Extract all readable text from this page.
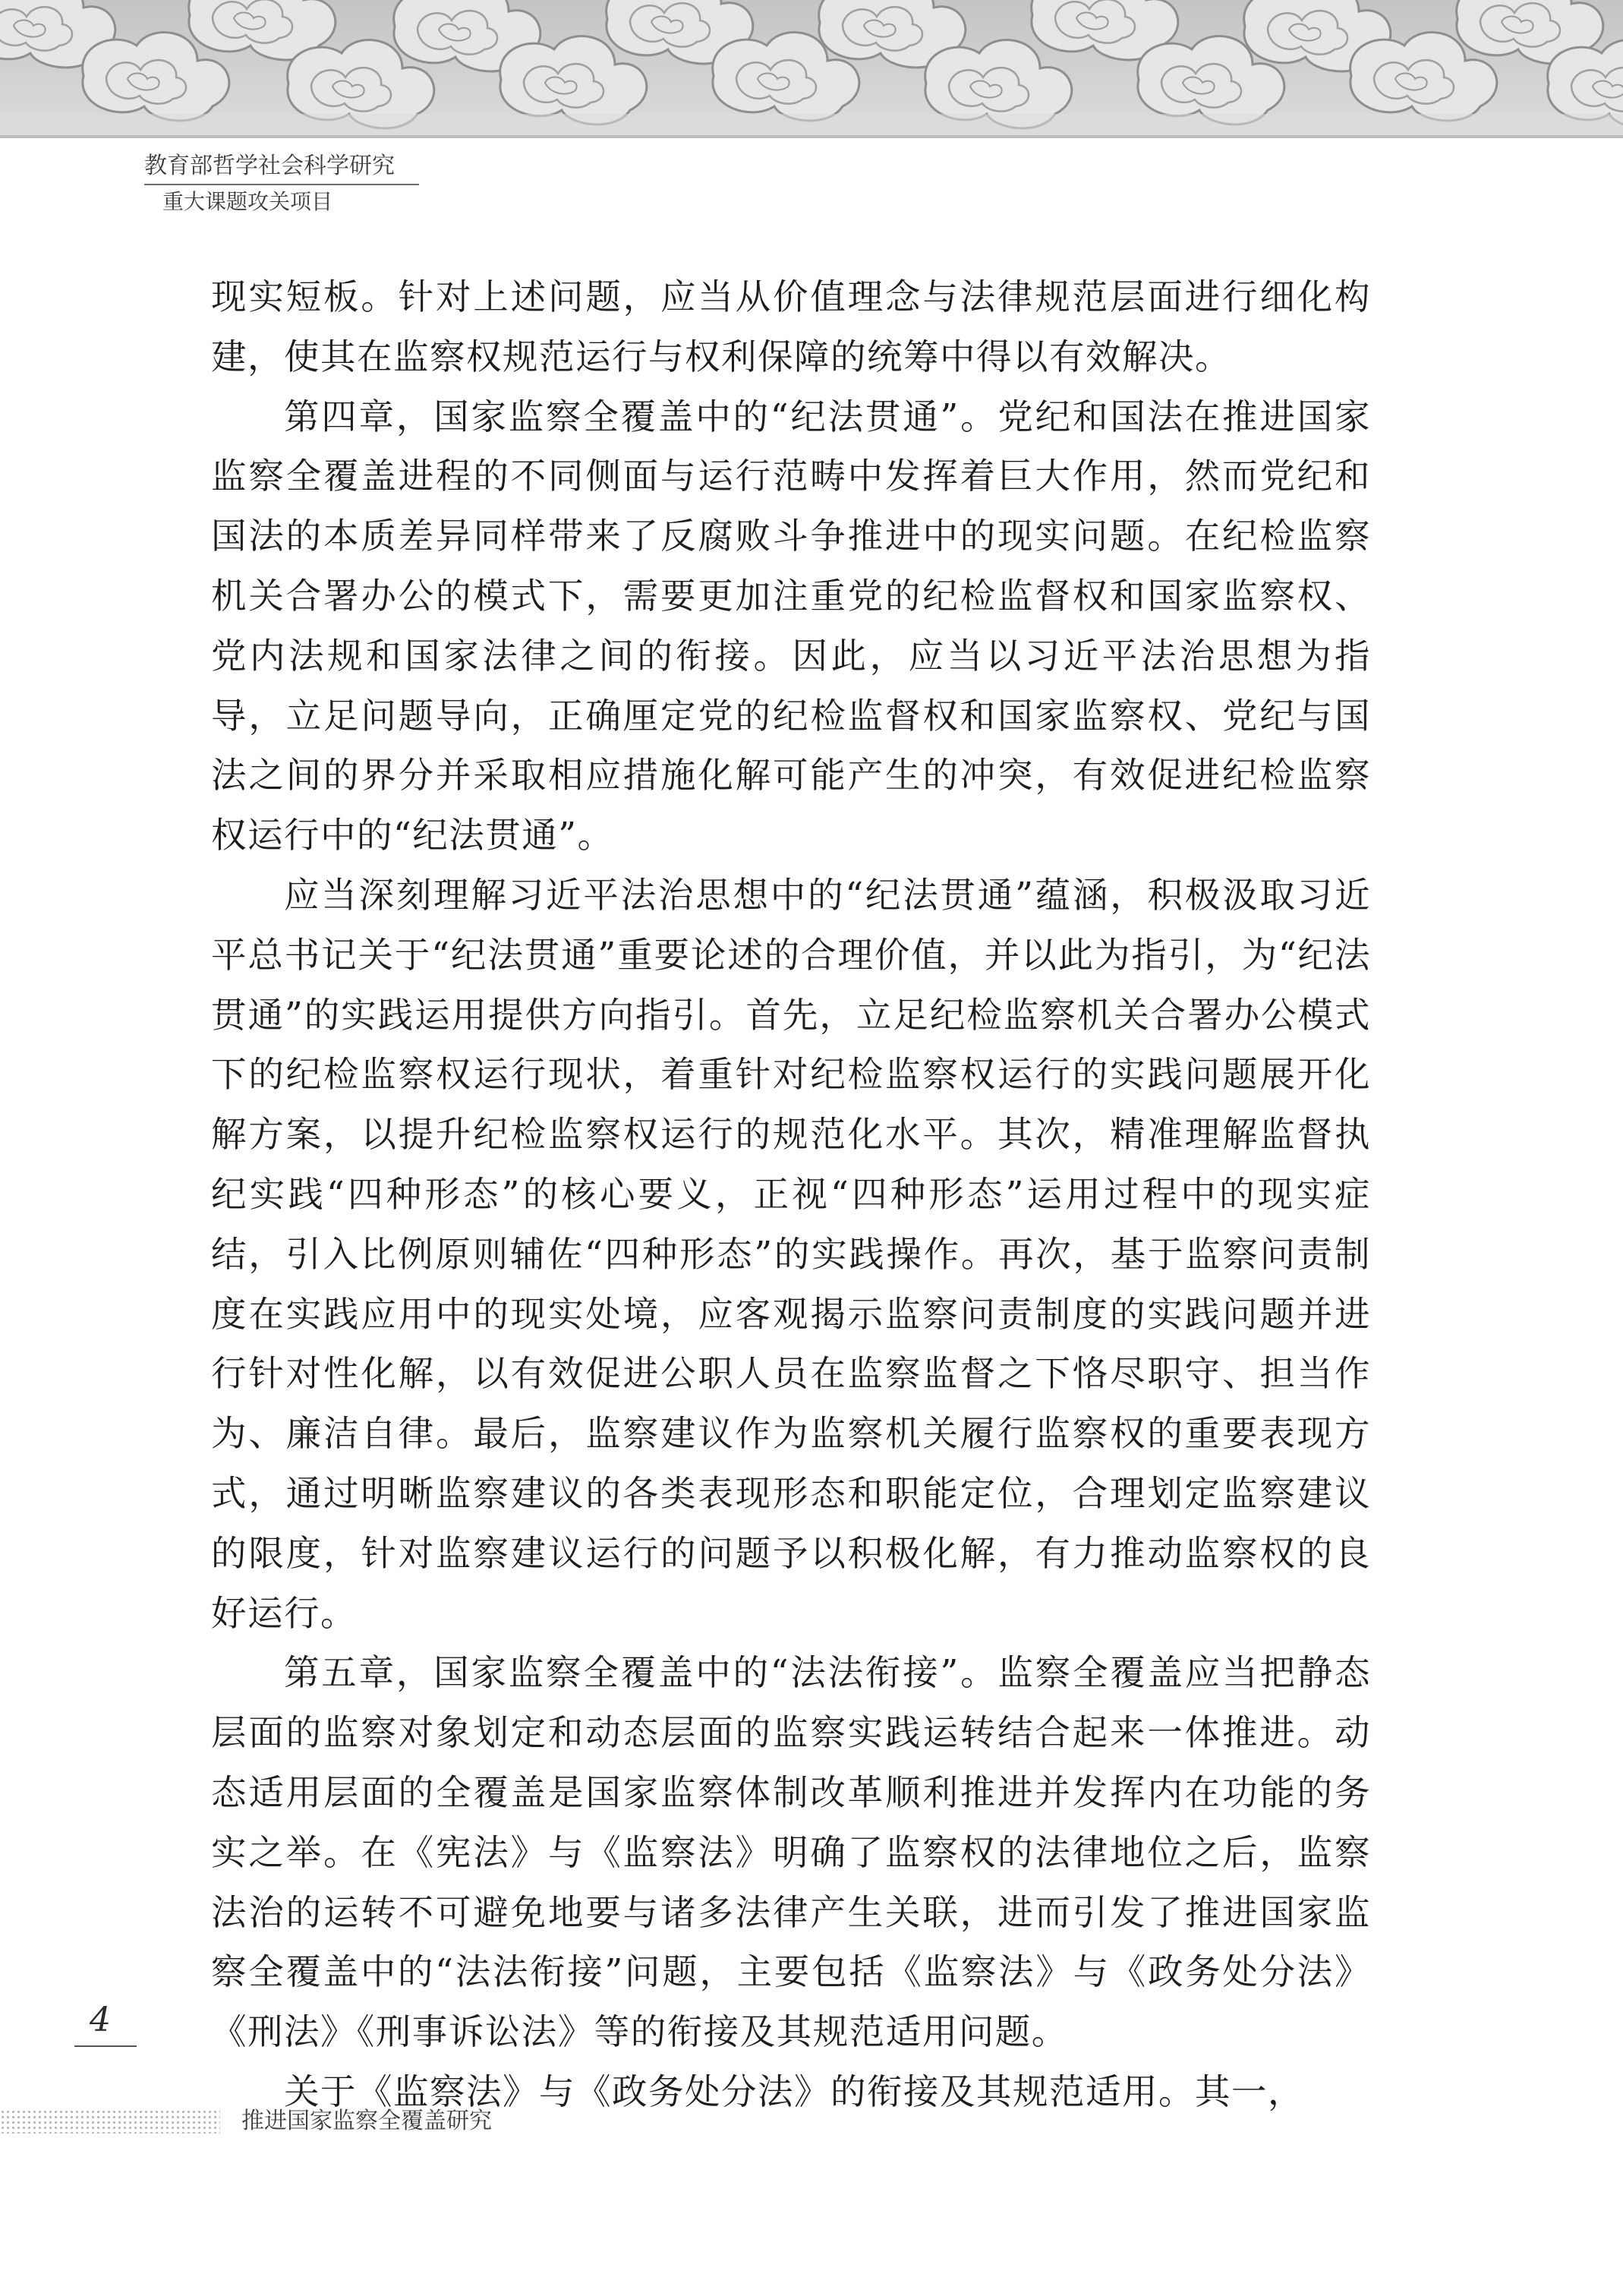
教育部哲学社会科学研究
重大课题攻关项目

现实短板。针对上述问题，应当从价值理念与法律规范层面进行细化构建，使其在监察权规范运行与权利保障的统筹中得以有效解决。

第四章，国家监察全覆盖中的“纪法贯通”。党纪和国法在推进国家监察全覆盖进程的不同侧面与运行范畴中发挥着巨大作用，然而党纪和国法的本质差异同样带来了反腐败斗争推进中的现实问题。在纪检监察机关合署办公的模式下，需要更加注重党的纪检监督权和国家监察权、党内法规和国家法律之间的衔接。因此，应当以习近平法治思想为指导，立足问题导向，正确厘定党的纪检监督权和国家监察权、党纪与国法之间的界分并采取相应措施化解可能产生的冲突，有效促进纪检监察权运行中的“纪法贯通”。

应当深刻理解习近平法治思想中的“纪法贯通”蕴涵，积极汲取习近平总书记关于“纪法贯通”重要论述的合理价值，并以此为指引，为“纪法贯通”的实践运用提供方向指引。首先，立足纪检监察机关合署办公模式下的纪检监察权运行现状，着重针对纪检监察权运行的实践问题展开化解方案，以提升纪检监察权运行的规范化水平。其次，精准理解监督执纪实践“四种形态”的核心要义，正视“四种形态”运用过程中的现实症结，引入比例原则辅佐“四种形态”的实践操作。再次，基于监察问责制度在实践应用中的现实处境，应客观揭示监察问责制度的实践问题并进行针对性化解，以有效促进公职人员在监察监督之下恪尽职守、担当作为、廉洁自律。最后，监察建议作为监察机关履行监察权的重要表现方式，通过明晰监察建议的各类表现形态和职能定位，合理划定监察建议的限度，针对监察建议运行的问题予以积极化解，有力推动监察权的良好运行。

第五章，国家监察全覆盖中的“法法衔接”。监察全覆盖应当把静态层面的监察对象划定和动态层面的监察实践运转结合起来一体推进。动态适用层面的全覆盖是国家监察体制改革顺利推进并发挥内在功能的务实之举。在《宪法》与《监察法》明确了监察权的法律地位之后，监察法治的运转不可避免地要与诸多法律产生关联，进而引发了推进国家监察全覆盖中的“法法衔接”问题，主要包括《监察法》与《政务处分法》《刑法》《刑事诉讼法》等的衔接及其规范适用问题。

关于《监察法》与《政务处分法》的衔接及其规范适用。其一，

4
推进国家监察全覆盖研究
